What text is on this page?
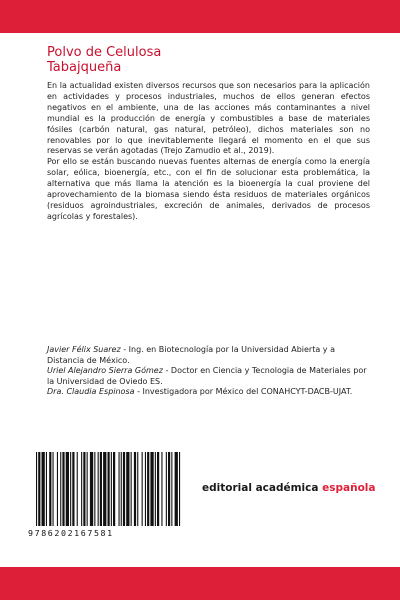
Polvo de Celulosa
Tabajqueña

En la actualidad existen diversos recursos que son necesarios para la aplicación en actividades y procesos industriales, muchos de ellos generan efectos negativos en el ambiente, una de las acciones más contaminantes a nivel mundial es la producción de energía y combustibles a base de materiales fósiles (carbón natural, gas natural, petróleo), dichos materiales son no renovables por lo que inevitablemente llegará el momento en el que sus reservas se verán agotadas (Trejo Zamudio et al., 2019).

Por ello se están buscando nuevas fuentes alternas de energía como la energía solar, eólica, bioenergía, etc., con el fin de solucionar esta problemática, la alternativa que más llama la atención es la bioenergía la cual proviene del aprovechamiento de la biomasa siendo ésta residuos de materiales orgánicos (residuos agroindustriales, excreción de animales, derivados de procesos agrícolas y forestales).

Javier Félix Suarez - Ing. en Biotecnología por la Universidad Abierta y a Distancia de México.

Uriel Alejandro Sierra Gómez - Doctor en Ciencia y Tecnologia de Materiales por la Universidad de Oviedo ES.

Dra. Claudia Espinosa - Investigadora por México del CONAHCYT-DACB-UJAT.

9786202167581
editorial académica española
